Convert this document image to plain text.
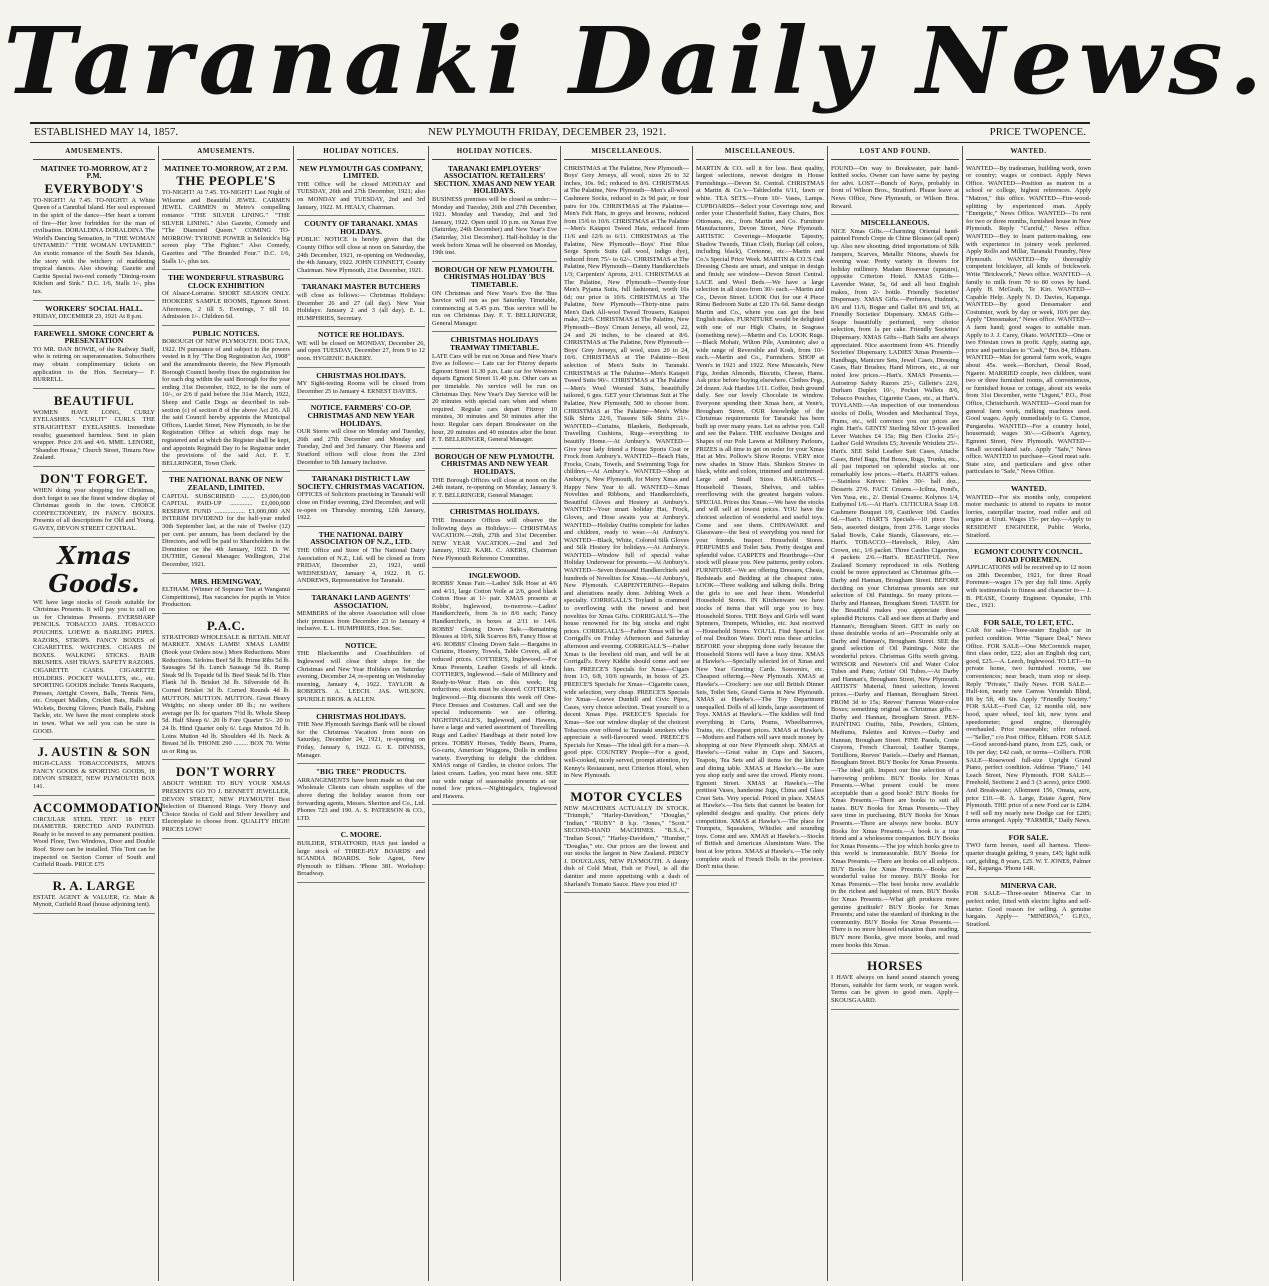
Taranaki Daily News.
ESTABLISHED MAY 14, 1857.	NEW PLYMOUTH FRIDAY, DECEMBER 23, 1921.	PRICE TWOPENCE.
AMUSEMENTS.

MATINEE TO-MORROW, AT 2 P.M.

EVERYBODY'S

TO-NIGHT! At 7.45. TO-NIGHT! A White Queen of a Cannibal Island. Her soul expressed in the spirit of the dance—Her heart a torrent of fire—Her love forbidden for the man of civilisation. DORALDINA DORALDINA The World's Dancing Sensation, in "THE WOMAN UNTAMED." "THE WOMAN UNTAMED." An exotic romance of the South Sea Islands, the story with the witchery of maddening tropical dances. Also showing: Gazette and Caritie Special two-reel comedy "Dining-room Kitchen and Sink." D.C. 1/6, Stalls 1/-, plus tax.

WORKERS' SOCIAL HALL.

FRIDAY, DECEMBER 23, 1921 At 8 p.m.

FAREWELL SMOKE CONCERT & PRESENTATION

TO MR. DAN BOWIE, of the Railway Staff, who is retiring on superannuation. Subscribers may obtain complimentary tickets on application to the Hon. Secretary— F. BURRELL.

BEAUTIFUL

WOMEN HAVE LONG, CURLY EYELASHES. "CURLIT" CURLS THE STRAIGHTEST EYELASHES. Immediate results; guaranteed harmless. Sent in plain wrapper. Price 2/6 and 4/6. MME. LENORE, "Shandon House," Church Street, Timaru New Zealand.

DON'T FORGET.

WHEN doing your shopping for Christmas, don't forget to see the finest window display of Christmas goods in the town. CHOICE CONFECTIONERY, IN FANCY BOXES. Presents of all descriptions for Old and Young. GAVEY, DEVON STREET CENTRAL.

Xmas Goods.

WE have large stocks of Goods suitable for Christmas Presents. It will pay you to call on us for Christmas Presents. EVERSHARP PENCILS. TOBACCO JARS. TOBACCO POUCHES. LOEWE & BARLING PIPES. RAZORS, STROPS. FANCY BOXES of CIGARETTES. WATCHES. CIGARS IN BOXES. WALKING STICKS. HAIR BRUSHES. ASH TRAYS. SAFETY RAZORS. CIGARETTE CASES. CIGARETTE HOLDERS. POCKET WALLETS, etc., etc. SPORTING GOODS include: Tennis Racquets, Presses, Airtight Covers, Balls, Tennis Nets, etc. Croquet Mallets, Cricket Bats, Balls and Wickets, Boxing Gloves, Punch Balls, Fishing Tackle, etc. We have the most complete stock in town. What we sell you can be sure is GOOD.

J. AUSTIN & SON

HIGH-CLASS TOBACCONISTS, MEN'S FANCY GOODS & SPORTING GOODS, 18 DEVON STREET, NEW PLYMOUTH BOX 141.

ACCOMMODATION

CIRCULAR STEEL TENT. 18 FEET DIAMETER. ERECTED AND PAINTED. Ready to be moved to any permanent position. Wood Floor, Two Windows, Door and Double Roof. Stove can be installed. This Tent can be inspected on Section Corner of South and Cutfield Roads. PRICE £75

R. A. LARGE

ESTATE AGENT & VALUER, Cr. Mair & Mynott, Cutfield Road (house adjoining tent).

AMUSEMENTS.

MATINEE TO-MORROW, AT 2 P.M.

THE PEOPLE'S

TO-NIGHT! At 7.45. TO-NIGHT! Last Night of Wilsome and Beautiful JEWEL CARMEN JEWEL CARMEN in Metro's compelling romance "THE SILVER LINING." "THE SILVER LINING." Also Gazette, Comedy and "The Diamond Queen." COMING TO-MORROW: TYRONE POWER in Selznick's big screen play "The Fighter." Also Comedy, Gazettes and "The Branded Four." D.C. 1/6, Stalls 1/-, plus tax.

THE WONDERFUL STRASBURG CLOCK EXHIBITION

Of Alsace-Lorraine. SHORT SEASON ONLY. HOOKERS' SAMPLE ROOMS, Egmont Street. Afternoons, 2 till 5. Evenings, 7 till 10. Admission 1/-. Children 6d.

PUBLIC NOTICES.

BOROUGH OF NEW PLYMOUTH. DOG TAX, 1922. IN pursuance of and subject to the powers vested in it by "The Dog Registration Act, 1908" and the amendments thereto, the New Plymouth Borough Council hereby fixes the registration fee for each dog within the said Borough for the year ending 31st December, 1922, to be the sum of 10/-, or 2/6 if paid before the 31st March, 1922, Sheep and Cattle Dogs as described in sub-section (c) of section 8 of the above Act 2/6. All the said Council hereby appoints the Municipal Offices, Liardet Street, New Plymouth, to be the Registration Office at which dogs may be registered and at which the Register shall be kept, and appoints Reginald Day to be Registrar under the provisions of the said Act. F. T. BELLRINGER, Town Clerk.

THE NATIONAL BANK OF NEW ZEALAND, LIMITED.

CAPITAL SUBSCRIBED ........ £3,000,000 CAPITAL PAID-UP .............. £1,000,000 RESERVE FUND ................... £1,000,000 AN INTERIM DIVIDEND for the half-year ended 30th September last, at the rate of Twelve (12) per cent. per annum, has been declared by the Directors, and will be paid to Shareholders in the Dominion on the 4th January, 1922. D. W. DUTHIE, General Manager. Wellington, 21st December, 1921.

MRS. HEMINGWAY,

ELTHAM. (Winner of Soprano Test at Wanganui Competitions), Has vacancies for pupils in Voice Production.

P.A.C.

STRATFORD WHOLESALE & RETAIL MEAT MARKET. XMAS LAMB! XMAS LAMB! (Book your Orders now.) More Reductions. More Reductions. Sirloins Beef 5d lb. Prime Ribs 5d lb. Sausages 5d lb. Lunch Sausage 5d lb. Rump Steak 9d lb. Topside 6d lb. Beef Steak 5d lb. Thin Flank 3d lb. Brisket 3d lb. Silverside 6d lb. Corned Brisket 3d lb. Corned Rounds 4d lb. MUTTON. MUTTON. MUTTON. Great Heavy Weights; no sheep under 80 lb.; no wethers average per lb. for quarters 7½d lb. Whole Sheep 5d. Half Sheep 6/. 20 lb Fore Quarter 5/-. 20 to 24 lb. Hind Quarter only 6/. Legs Mutton 7d lb. Loins Mutton 4d lb. Shoulders 4d lb. Neck & Breast 3d lb. 'PHONE 290 ......... BOX 70. Write us or Ring us.

DON'T WORRY

ABOUT WHERE TO BUY YOUR XMAS PRESENTS GO TO J. BENNETT JEWELLER, DEVON STREET, NEW PLYMOUTH Best Selection of Diamond Rings. Very Heavy and Choice Stocks of Gold and Silver Jewellery and Electroplate to choose from. QUALITY HIGH! PRICES LOW!

HOLIDAY NOTICES.

NEW PLYMOUTH GAS COMPANY, LIMITED.

THE Office will be closed MONDAY and TUESDAY, 26th and 27th December, 1921; also on MONDAY and TUESDAY, 2nd and 3rd January, 1922. M. HEALY, Chairman.

COUNTY OF TARANAKI. XMAS HOLIDAYS.

PUBLIC NOTICE is hereby given that the County Office will close at noon on Saturday, the 24th December, 1921, re-opening on Wednesday, the 4th January, 1922. JOHN CONNETT, County Chairman. New Plymouth, 21st December, 1921.

TARANAKI MASTER BUTCHERS

will close as follows:— Christmas Holidays: December 26 and 27 (all day). New Year Holidays: January 2 and 3 (all day). E. L. HUMPHRIES, Secretary.

NOTICE RE HOLIDAYS.

WE will be closed on MONDAY, December 26, and open TUESDAY, December 27, from 9 to 12 noon. HYGIENIC BAKERY.

CHRISTMAS HOLIDAYS.

MY Sight-testing Rooms will be closed from December 25 to January 4. ERNEST DAVIES.

NOTICE. FARMERS' CO-OP. CHRISTMAS AND NEW YEAR HOLIDAYS.

OUR Stores will close on Monday and Tuesday, 26th and 27th December and Monday and Tuesday, 2nd and 3rd January. Our Hawera and Stratford offices will close from the 23rd December to 5th January inclusive.

TARANAKI DISTRICT LAW SOCIETY. CHRISTMAS VACATION.

OFFICES of Solicitors practising in Taranaki will close on Friday evening, 23rd December, and will re-open on Thursday morning, 12th January, 1922.

THE NATIONAL DAIRY ASSOCIATION OF N.Z., LTD.

THE Office and Store of The National Dairy Association of N.Z., Ltd. will be closed as from FRIDAY, December 23, 1921, until WEDNESDAY, January 4, 1922. H. G. ANDREWS, Representative for Taranaki.

TARANAKI LAND AGENTS' ASSOCIATION.

MEMBERS of the above Association will close their premises from December 23 to January 4 inclusive. E. L. HUMPHRIES, Hon. Sec.

NOTICE.

THE Blacksmiths and Coachbuilders of Inglewood will close their shops for the Christmas and New Year Holidays on Saturday evening, December 24, re-opening on Wednesday morning, January 4, 1922. TAYLOR & ROBERTS. A. LEECH. JAS. WILSON. SPURDLE BROS. & ALLEN.

CHRISTMAS HOLIDAYS.

THE New Plymouth Savings Bank will be closed for the Christmas Vacation from noon on Saturday, December 24, 1921, re-opening on Friday, January 6, 1922. G. E. DINNISS, Manager.

"BIG TREE" PRODUCTS.

ARRANGEMENTS have been made so that our Wholesale Clients can obtain supplies of the above during the holiday season from our forwarding agents, Messrs. Sheriton and Co., Ltd. Phones 723 and 190. A. S. PATERSON & CO., LTD.

C. MOORE.

BUILDER, STRATFORD, HAS just landed a large stock of THREE-PLY BOARDS and SCANDIA BOARDS. Sole Agent, New Plymouth to Eltham. 'Phone 381. Workshop: Broadway.

HOLIDAY NOTICES.

TARANAKI EMPLOYERS' ASSOCIATION. RETAILERS' SECTION. XMAS AND NEW YEAR HOLIDAYS.

BUSINESS premises will be closed as under:— Monday and Tuesday, 26th and 27th December, 1921. Monday and Tuesday, 2nd and 3rd January, 1922. Open until 10 p.m. on Xmas Eve (Saturday, 24th December) and New Year's Eve (Saturday, 31st December). Half-holiday in the week before Xmas will be observed on Monday, 19th inst.

BOROUGH OF NEW PLYMOUTH. CHRISTMAS HOLIDAY 'BUS TIMETABLE.

ON Christmas and New Year's Eve the 'Bus Service will run as per Saturday Timetable, commencing at 5.45 p.m. 'Bus service will be run on Christmas Day. F. T. BELLRINGER, General Manager.

CHRISTMAS HOLIDAYS TRAMWAY TIMETABLE.

LATE Cars will be run on Xmas and New Year's Eve as follows:— Late car for Fitzroy departs Egmont Street 11.30 p.m. Late car for Westown departs Egmont Street 11.40 p.m. Other cars as per timetable. No service will be run on Christmas Day. New Year's Day Service will be 20 minutes with special cars when and where required. Regular cars depart Fitzroy 10 minutes, 30 minutes and 50 minutes after the hour. Regular cars depart Breakwater on the hour, 20 minutes and 40 minutes after the hour. F. T. BELLRINGER, General Manager.

BOROUGH OF NEW PLYMOUTH. CHRISTMAS AND NEW YEAR HOLIDAYS.

THE Borough Offices will close at noon on the 24th instant, re-opening on Monday, January 9. F. T. BELLRINGER, General Manager.

CHRISTMAS HOLIDAYS.

THE Insurance Offices will observe the following days as Holidays:— CHRISTMAS VACATION.—26th, 27th and 31st December. NEW YEAR VACATION.—2nd and 3rd January, 1922. KARL C. AKERS, Chairman New Plymouth Reference Committee.

INGLEWOOD.

ROBBS' Xmas Fair.—Ladies' Silk Hose at 4/6 and 4/11, large Cotton Voile at 2/6, good black Cotton Hose at 1/- pair. XMAS presents at Robbs', Inglewood, to-morrow.—Ladies' Handkerchiefs, from 3s to 8/6 each; Fancy Handkerchiefs, in boxes at 2/11 to 14/6. ROBBS' Closing Down Sale.—Remaining Blouses at 10/6, Silk Scarves 8/6, Fancy Hose at 4/6. ROBBS' Closing Down Sale.—Bargains in Curtains, Hosiery, Towels, Table Covers, all at reduced prices. COTTIER'S, Inglewood.—For Xmas Presents, Leather Goods of all kinds. COTTIER'S, Inglewood.—Sale of Millinery and Ready-to-Wear Hats on this week; big reductions; stock must be cleared. COTTIER'S, Inglewood.—Big discounts this week off One-Piece Dresses and Costumes. Call and see the special inducements we are offering. NIGHTINGALE'S, Inglewood, and Hawera, have a large and varied assortment of Travelling Rugs and Ladies' Handbags at their noted low prices. TOBBY Horses, Teddy Bears, Prams, Go-carts, American Waggons, Dolls in endless variety. Everything to delight the children. XMAS range of Girdles, in choice colors. The latest cream. Ladies, you must have one. SEE our wide range of seasonable presents at our noted low prices.—Nightingale's, Inglewood and Hawera.

MISCELLANEOUS.

CHRISTMAS at The Palatine, New Plymouth—Boys' Grey Jerseys, all wool, sizes 26 to 32 inches, 10s. 9d.; reduced to 8/6. CHRISTMAS at The Palatine, New Plymouth—Men's all-wool Cashmere Socks, reduced to 2s 9d pair, or four pairs for 10s. CHRISTMAS at The Palatine—Men's Felt Hats, in greys and browns, reduced from 15/6 to 10/6. CHRISTMAS at The Palatine—Men's Kaiapoi Tweed Hats, reduced from 11/6 and 12/6 to 6/11. CHRISTMAS at The Palatine, New Plymouth—Boys' Fine Blue Serge Sports Suits (all wool, indigo dye), reduced from 75/- to 62/-. CHRISTMAS at The Palatine, New Plymouth—Dainty Handkerchiefs 1/3; Carpenters' Aprons, 2/11. CHRISTMAS at The Palatine, New Plymouth—Twenty-four Men's Pyjama Suits, full fashioned, worth 16s 6d; our price is 10/6. CHRISTMAS at The Palatine, New Plymouth—Thirty-nine pairs Men's Dark All-wool Tweed Trousers, Kaiapoi make, 22/6. CHRISTMAS at The Palatine, New Plymouth—Boys' Cream Jerseys, all wool, 22, 24 and 26 inches, to be cleared at 8/6. CHRISTMAS at The Palatine, New Plymouth—Boys' Grey Jerseys, all wool, sizes 20 to 24, 10/6. CHRISTMAS at The Palatine—Best selection of Men's Suits in Taranaki. CHRISTMAS at The Palatine—Men's Kaiapoi Tweed Suits 90/-. CHRISTMAS at The Palatine—Men's Wool Worsted Suits, beautifully tailored, 6 gns. GET your Christmas Suit at The Palatine, New Plymouth; 500 to choose from. CHRISTMAS at The Palatine—Men's White Silk Shirts 22/6, Tussore Silk Shirts 21/-. WANTED—Curtains, Blankets, Bedspreads, Travelling Cushions, Rugs—everything to beautify Home.—At Ambury's. WANTED—Give your lady friend a House Sports Coat or Frock from Ambury's. WANTED—Beach Hats, Frocks, Coats, Towels, and Swimming Togs for children.—At Ambury's. WANTED—Shop at Ambury's, New Plymouth, for Merry Xmas and Happy New Year to all. WANTED—Xmas Novelties and Ribbons, and Handkerchiefs, Beautiful Gloves and Hosiery at Ambury's. WANTED—Your smart holiday Hat, Frock, Gloves, and Hose awaits you at Ambury's. WANTED—Holiday Outfits complete for ladies and children, ready to wear.—At Ambury's. WANTED—Black, White, Colored Silk Gloves and Silk Hosiery for holidays.—At Ambury's. WANTED—Window full of special value Holiday Underwear for presents.—At Ambury's. WANTED—Seven thousand Handkerchiefs and hundreds of Novelties for Xmas.—At Ambury's, New Plymouth. CARPENTERING—Repairs and alterations neatly done. Jobbing Work a specialty. CORRIGALL'S Toyland is crammed to overflowing with the newest and best novelties for Xmas Gifts. CORRIGALL'S—The house renowned for its big stocks and right prices. CORRIGALL'S—Father Xmas will be at Corrigall's on Friday Afternoon and Saturday afternoon and evening. CORRIGALL'S—Father Xmas is the loveliest old man, and will be at Corrigall's. Every Kiddie should come and see him. PREECE'S Specials for Xmas—Cigars from 1/3, 6/8, 10/6 upwards, in boxes of 25. PREECE'S Specials for Xmas—Cigarette cases, wide selection, very cheap. PREECE'S Specials for Xmas—Loewe Dunhill and Civic Pipes, Cases, very choice selection. Treat yourself to a decent Xmas Pipe. PREECE'S Specials for Xmas—See our window display of the choicest Tobaccos ever offered to Taranaki smokers who appreciate a well-flavoured weed. PREECE'S Specials for Xmas—The ideal gift for a man—A good pipe. COUNTRY People—For a good, well-cooked, nicely served, prompt attention, try Kenny's Restaurant, next Criterion Hotel, when in New Plymouth.

MOTOR CYCLES

NEW MACHINES ACTUALLY IN STOCK. "Triumph," "Harley-Davidson," "Douglas," "Indian," "RUBY" 8 h.p. "Jones," "Scott." SECOND-HAND MACHINES. "B.S.A.," "Indian Scout," "Harley-Davidson," "Humber," "Douglas," etc. Our prices are the lowest and our stocks the largest in New Zealand. PERCY J. DOUGLASS, NEW PLYMOUTH. A dainty dish of Cold Meat, Fish or Fowl, is all the daintier and more appetising with a dash of Sharland's Tomato Sauce. Have you tried it?

MISCELLANEOUS.

MARTIN & CO. sell it for less. Best quality, largest selections, newest designs in House Furnishings.—Devon St. Central. CHRISTMAS at Martin & Co.'s—Tablecloths 6/11, fawn or white. TEA SETS.—From 10/- Vases, Lamps. CUPBOARDS—Select your Coverings now, and order your Chesterfield Suites, Easy Chairs, Box Ottomans, etc., from Martin and Co. Furniture Manufacturers, Devon Street, New Plymouth. ARTISTIC Coverings—Moquette Tapestry, Shadow Tweeds, Titian Cloth, Burlap (all colors, including black), Cretonne, etc.—Martin and Co.'s Special Price Week. MARTIN & CO.'S Oak Dressing Chests are smart, and unique in design and finish; see window—Devon Street Central. LACE and Wool Beds.—We have a large selection in all sizes from 30/- each.—Martin and Co., Devon Street. LOOK Out for our 4 Piece Rimu Bedroom Suite at £20 17s 6d. Same design Martin and Co., where you can get the best English makes. FURNITURE would be delighted with one of our High Chairs, in Seagrass (something new).—Martin and Co. LOOK Rugs.—Black Mohair, Wilton Pile, Axminster; also a wide range of Reversible and Kosh, from 10/- each.—Martin and Co., Furnishers. SHOP at Venn's in 1921 and 1922. New Muscatels, New Figs, Jordan Almonds, Biscuits, Cheese, Hams. Ask price before buying elsewhere. Clothes Pegs, 2d dozen. Ask Hardies 1/11. Coffee, fresh ground daily. See our lovely Chocolate in window. Everyone spending their Xmas here, at Venn's, Brougham Street. OUR knowledge of the Christmas requirements for Taranaki has been built up over many years. Let us advise you. Call and see the Palace. THE exclusive Designs and Shapes of our Pole Lawns at Millinery Parlours, PRIZES is all time to get on order for your Xmas Hat at Mrs. Pollow's Show Rooms. VERY nice new shades in Straw Hats. Shinkos Straws in black, white and colors, trimmed and untrimmed. Large and Small Sizes. BARGAINS.—Household Tissues, Shelves, and tables overflowing with the greatest bargain values. SPECIAL Prices this Xmas.—We have the stocks and will sell at lowest prices. YOU have the choicest selection of wonderful and useful toys. Come and see them. CHINAWARE and Glassware—the best of everything you need for your friends. Inspect Household Stores. PERFUMES and Toilet Sets. Pretty designs and splendid value. CARPETS and Hearthrugs—Our stock will please you. New patterns, pretty colors. FURNITURE—We are offering Dressers, Chests, Bedsteads and Bedding at the cheapest rates. LOOK—Three walking and talking dolls. Bring the girls to see and hear them. Wonderful Household Stores. IN Kitchenware we have stocks of items that will urge you to buy. Household Stores. THE Boys and Girls will want Spinners, Trumpets, Whistles, etc. Just received—Household Stores. YOU'LL Find Special Lot of real Doulton Ware. Don't miss these articles. BEFORE your shopping done early because the Household Stores will have a busy time. XMAS at Hawke's.—Specially selected lot of Xmas and New Year Greeting Cards. Souvenirs, etc. Cheapest offering.—New Plymouth. XMAS at Hawke's.—Crockery: see our still British Dinner Sets, Toilet Sets, Grand Gems in New Plymouth. XMAS at Hawke's.—The Toy Department unequalled. Dolls of all kinds, large assortment of Toys. XMAS at Hawke's.—The kiddies will find everything in Carts, Prams, Wheelbarrows, Trains, etc. Cheapest prices. XMAS at Hawke's.—Mothers and Fathers will save much money by shopping at our New Plymouth shop. XMAS at Hawke's.—Great value in Cups and Saucers, Teapots, Tea Sets and all items for the kitchen and dining table. XMAS at Hawke's.—Be sure you shop early and save the crowd. Plenty room. Egmont Street. XMAS at Hawke's.—The prettiest Vases, handsome Jugs, China and Glass Cruet Sets. Very special. Priced in place. XMAS at Hawke's.—Tea Sets that cannot be beaten for splendid designs and quality. Our prices defy competition. XMAS at Hawke's.—The place for Trumpets, Squeakers, Whistles and sounding toys. Come and see. XMAS at Hawke's.—Stocks of British and American Aluminium Ware. The best at low prices. XMAS at Hawke's.—The only complete stock of French Dolls in the province. Don't miss these.

LOST AND FOUND.

FOUND—On way to Breakwater, pair hand-knitted socks. Owner can have same by paying for advt. LOST—Bunch of Keys, probably in front of Wilson Bros., Stratford. Please leave at News Office, New Plymouth, or Wilson Bros. Reward.

MISCELLANEOUS.

NICE Xmas Gifts.—Charming Oriental hand-painted French Crepe de Chine Blouses (all open) up. Also new shooting, dried importations of Silk Jumpers, Scarves, Metallic Ninons, shawls for evening wear. Pretty variety in flowers for holiday millinery. Madam Rosevear (upstairs), opposite Criterion Hotel. XMAS Gifts—Lavender Water, 5s, 6d and all best English makes, from 2/- bottle. Friendly Societies' Dispensary. XMAS Gifts.—Perfumes, Hudnut's, 8/6 and 11/6, Bogue and Gallet 8/6 and 9/6, at Friendly Societies' Dispensary. XMAS Gifts—Soaps beautifully perfumed, very choice selection, from 1s per cake. Friendly Societies' Dispensary. XMAS Gifts—Bath Salts are always appreciated. Nice assortment from 4/6. Friendly Societies' Dispensary. LADIES' Xmas Presents—Handbags, Manicure Sets, Jewel Cases, Dressing Cases, Hair Brushes, Hand Mirrors, etc., at our noted low prices.—Hart's. XMAS Presents.—Autostrop Safety Razors 25/-, Gillette's 22/6, Durham Duplex 10/-, Pocket Wallets 8/6, Tobacco Pouches, Cigarette Cases, etc., at Hart's. TOYLAND.—An inspection of our tremendous stocks of Dolls, Wooden and Mechanical Toys, Prams, etc., will convince you our prices are right. Hart's. GENTS' Sterling Silver 15-jewelled Lever Watches £4 15s; Big Ben Clocks 25/-; Ladies' Gold Wristlets £5; Juvenile Wristlets 25/-. Hart's. SEE Solid Leather Suit Cases, Attache Cases, Brief Bags, Hat Boxes, Rugs, Trunks, etc., all just imported on splendid stocks at our remarkably low prices.—Hart's. HART'S values.—Stainless Knives: Tables 30/- half doz., Desserts 27/6. FACE Creams.—Icilma, Pond's, Ven Yusa, etc., 2/. Dental Creams: Kolynos 1/4, Euthymol 1/6.—At Hart's. CUTICURA Soap 1/8. Cashmere Bouquet 1/9, Castilever 10d. Castles 6d.—Hart's. HART'S Specials—10 piece Tea Sets, assorted designs, from 27/6. Large stocks Salad Bowls, Cake Stands, Glassware, etc.—Hart's. TOBACCO—Havelock, Riley, Alm Crown, etc., 1/6 packet. Three Castles Cigarettes, 4 packets 2/6.—Hart's. BEAUTIFUL New Zealand Scenery reproduced in oils. Nothing could be more appreciated as Christmas gifts.—Darby and Hannan, Brougham Street. BEFORE deciding on your Christmas presents see our selection of Oil Paintings. So many prices.—Darby and Hannan, Brougham Street. TASTE for the Beautiful makes you appreciate those splendid Pictures. Call and see them at Darby and Hannan's, Brougham Street. GET in early on these desirable works of art—Procurable only at Darby and Hannan's, Brougham Street. SEE the grand selection of Oil Paintings. Note the wonderful prices. Christmas Gifts worth giving. WINSOR and Newton's Oil and Water Color Tubes and Pans; Artists' Oil Tubes.—At Darby and Hannan's, Brougham Street, New Plymouth. ARTISTS' Material, finest selection, lowest prices.—Darby and Hannan, Brougham Street. FROM 3d to 15s; Reeves' Famous Water-color Boxes; something original as Christmas gifts.—Darby and Hannan, Brougham Street. PEN-PAINTING Outfits, Nibs, Powders, Glitters, Mediums, Palettes and Knives.—Darby and Hannan, Brougham Street. FINE Pastels, Conte Crayons, French Charcoal, Leather Stamps, Tortillions, Reeves' Pastels.—Darby and Hannan, Brougham Street. BUY Books for Xmas Presents.—The ideal gift. Inspect our fine selection of a harrowing problem. BUY Books for Xmas Presents.—What present could be more acceptable than a good book? BUY Books for Xmas Presents.—There are books to suit all tastes. BUY Books for Xmas Presents.—They save time in purchasing. BUY Books for Xmas Presents.—There are always new books. BUY Books for Xmas Presents.—A book is a true friend and a wholesome companion. BUY Books for Xmas Presents.—The joy which books give to this world is immeasurable. BUY Books for Xmas Presents.—There are books on all subjects. BUY Books for Xmas Presents.—Books are wonderful value for money. BUY Books for Xmas Presents.—The best books now available in the richest and happiest of men. BUY Books for Xmas Presents.—What gift produces more genuine gratitude? BUY Books for Xmas Presents; and raise the standard of thinking in the community. BUY Books for Xmas Presents.—There is no more blessed relaxation than reading. BUY more Books, give more books, and read more books this Xmas.

HORSES

I HAVE always on hand sound staunch young Horses, suitable for farm work, or wagon work. Terms can be given to good men. Apply— SKOUSGAARD.

WANTED.

WANTED—By tradesman, building work, town or country; wages or contract. Apply News Office. WANTED—Position as matron in a school or college, highest references. Apply "Matron," this office. WANTED—Fire-wood-splitting by experienced man. Apply "Energetic," News Office. WANTED—To rent for two or three months, furnished house in New Plymouth. Reply "Careful," News office. WANTED—Boy to learn pattern-making, one with experience in joinery work preferred. Apply Rollo and Millar, Taranaki Foundry, New Plymouth. WANTED—By thoroughly competent bricklayer, all kinds of brickwork. Write "Brickwork," News office. WANTED—A family to milk from 70 to 80 cows by hand. Apply H. McGrath, Te Kiri. WANTED—Capable Help. Apply N. D. Davies, Kapanga. WANTED—By good Dressmaker and Costumier, work by day or week, 10/6 per day. Apply "Dressmaker," News office. WANTED—A farm hand; good wages to suitable man. Apply to J. J. Carey, Okato. WANTED—One or two Friesian cows in profit. Apply, stating age, price and particulars to "Cash," Box 84, Eltham. WANTED—Man for general farm work, wages about 45s. week.—Borchart, Oeoal Road, Ngaere. MARRIED couple, two children, want two or three furnished rooms, all conveniences, or furnished house or cottage, about six weeks from 31st December, write "Urgent," P.O., Post Office, Christchurch. WANTED—Good man for general farm work, milking machines used. Good wages. Apply immediately to G. Cumoe, Pungarehu. WANTED—For a country hotel, housemaid; wages 30/-.—Gibson's Agency, Egmont Street, New Plymouth. WANTED—Small second-hand safe. Apply "Safe," News office. WANTED to purchase—Good meat safe. State size, and particulars and give other particulars to "Safe," News Office.

WANTED.

WANTED—For six months only, competent motor mechanic to attend to repairs to motor lorries, caterpillar tractor, road roller and oil engine at Urutt. Wages 15/- per day.—Apply to RESIDENT ENGINEER, Public Works, Stratford.

EGMONT COUNTY COUNCIL. ROAD FOREMEN.

APPLICATIONS will be received up to 12 noon on 28th December, 1921, for three Road Foremen—wages 17s per day full time. Apply with testimonials to fitness and character to— J. B. PEASE, County Engineer. Opunake, 17th Dec., 1921.

FOR SALE, TO LET, ETC.

CAR for sale—Three-seater English car in perfect condition. Write "Square Deal," News Office. FOR SALE—One McCormick reaper, first class order, £22; also an English dog cart, good, £25.—A. Leech, Inglewood. TO LET—In private home, two furnished rooms, use conveniences; near beach, tram stop or sleep. Reply "Private," Daily News. FOR SALE—Half-ton, nearly new Canvas Verandah Blind, 8ft by 5ft, 4ft 6in. Apply "Friendly Society." FOR SALE—Ford Car, 12 months old, new hood, spare wheel, tool kit, new tyres and speedometer; good engine, thoroughly overhauled. Price reasonable; offer refused.—"Seller," c/o Post Office, Eltham. FOR SALE—Good second-hand piano, from £25, cash, or 10s per day; £42 cash, or terms—Collier's. FOR SALE—Rosewood full-size Upright Grand Piano, perfect condition. Address "Piano," 141 Leach Street, New Plymouth. FOR SALE—Freehold, Sections 2 and 3 (3 acres), price £900. And Breakwater; Allotment 156, Omata, acre, price £10.—R. A. Large, Estate Agent, New Plymouth. THE price of a new Ford car is £284. I will sell my nearly new Dodge car for £285; terms arranged. Apply "FARMER," Daily News.

FOR SALE.

TWO farm horses, used all harness. Three-quarter draught gelding, 9 years, £45; light milk cart, gelding, 8 years, £25. W. T. JONES, Palmer Rd., Kapanga. 'Phone 14R.

MINERVA CAR.

FOR SALE—Three-seater Minerva Car in perfect order, fitted with electric lights and self-starter. Good reason for selling. A genuine bargain. Apply— "MINERVA," G.P.O., Stratford.
